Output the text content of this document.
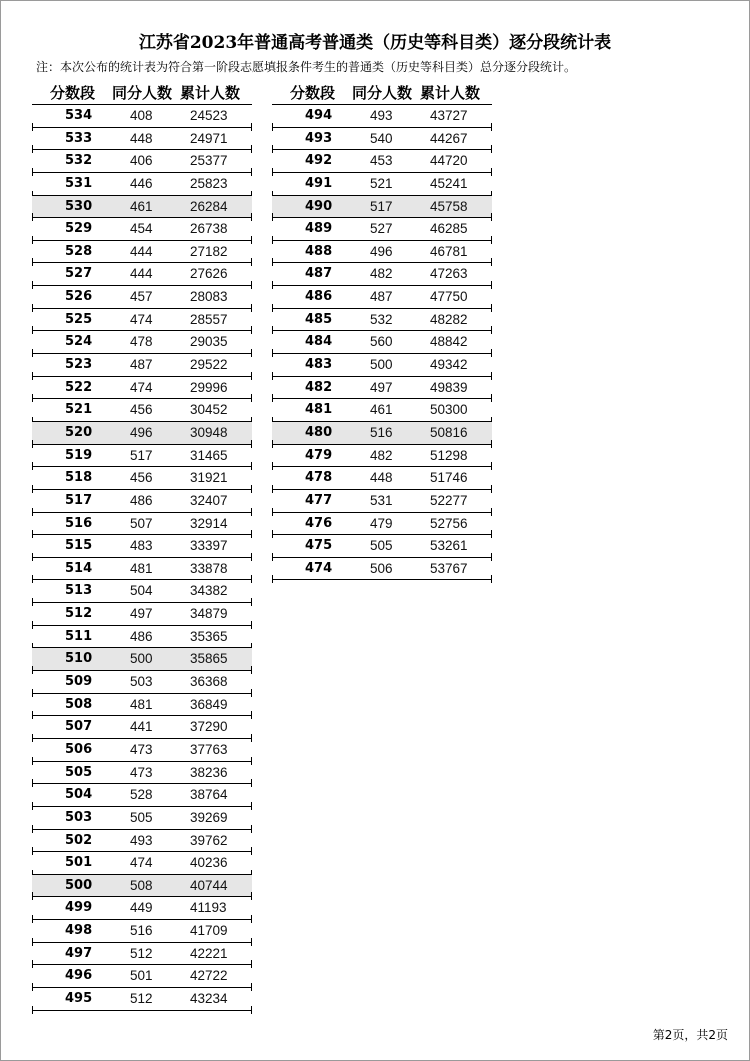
江苏省2023年普通高考普通类（历史等科目类）逐分段统计表
注：本次公布的统计表为符合第一阶段志愿填报条件考生的普通类（历史等科目类）总分逐分段统计。
分数段 同分人数 累计人数
534	408	24523
533	448	24971
532	406	25377
531	446	25823
530	461	26284
529	454	26738
528	444	27182
527	444	27626
526	457	28083
525	474	28557
524	478	29035
523	487	29522
522	474	29996
521	456	30452
520	496	30948
519	517	31465
518	456	31921
517	486	32407
516	507	32914
515	483	33397
514	481	33878
513	504	34382
512	497	34879
511	486	35365
510	500	35865
509	503	36368
508	481	36849
507	441	37290
506	473	37763
505	473	38236
504	528	38764
503	505	39269
502	493	39762
501	474	40236
500	508	40744
499	449	41193
498	516	41709
497	512	42221
496	501	42722
495	512	43234
分数段 同分人数 累计人数
494	493	43727
493	540	44267
492	453	44720
491	521	45241
490	517	45758
489	527	46285
488	496	46781
487	482	47263
486	487	47750
485	532	48282
484	560	48842
483	500	49342
482	497	49839
481	461	50300
480	516	50816
479	482	51298
478	448	51746
477	531	52277
476	479	52756
475	505	53261
474	506	53767
第2页，共2页
